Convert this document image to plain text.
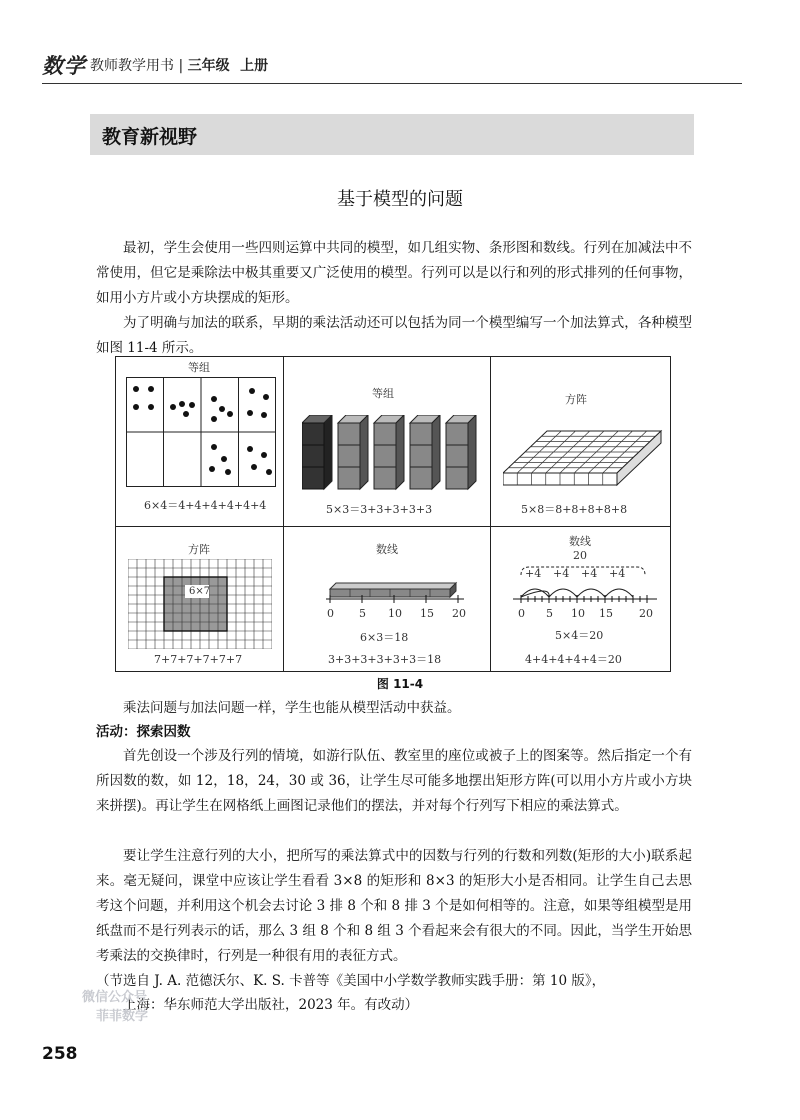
数学 教师教学用书 | 三年级 上册
教育新视野
基于模型的问题

最初，学生会使用一些四则运算中共同的模型，如几组实物、条形图和数线。行列在加减法中不常使用，但它是乘除法中极其重要又广泛使用的模型。行列可以是以行和列的形式排列的任何事物，如用小方片或小方块摆成的矩形。

为了明确与加法的联系，早期的乘法活动还可以包括为同一个模型编写一个加法算式，各种模型如图 11-4 所示。

等组
6×4＝4+4+4+4+4+4
等组
5×3＝3+3+3+3+3
方阵
5×8＝8+8+8+8+8
方阵
6×7
7+7+7+7+7+7
数线
0 5 10 15 20
6×3＝18
3+3+3+3+3+3＝18
数线
20
+4 +4 +4 +4
0 5 10 15 20
5×4＝20
4+4+4+4+4＝20
图 11-4

乘法问题与加法问题一样，学生也能从模型活动中获益。

活动：探索因数

首先创设一个涉及行列的情境，如游行队伍、教室里的座位或被子上的图案等。然后指定一个有所因数的数，如 12，18，24，30 或 36，让学生尽可能多地摆出矩形方阵(可以用小方片或小方块来拼摆)。再让学生在网格纸上画图记录他们的摆法，并对每个行列写下相应的乘法算式。

要让学生注意行列的大小，把所写的乘法算式中的因数与行列的行数和列数(矩形的大小)联系起来。毫无疑问，课堂中应该让学生看看 3×8 的矩形和 8×3 的矩形大小是否相同。让学生自己去思考这个问题，并利用这个机会去讨论 3 排 8 个和 8 排 3 个是如何相等的。注意，如果等组模型是用纸盘而不是行列表示的话，那么 3 组 8 个和 8 组 3 个看起来会有很大的不同。因此，当学生开始思考乘法的交换律时，行列是一种很有用的表征方式。

（节选自 J. A. 范德沃尔、K. S. 卡普等《美国中小学数学教师实践手册：第 10 版》，

上海：华东师范大学出版社，2023 年。有改动）

微信公众号
菲菲数学
258
